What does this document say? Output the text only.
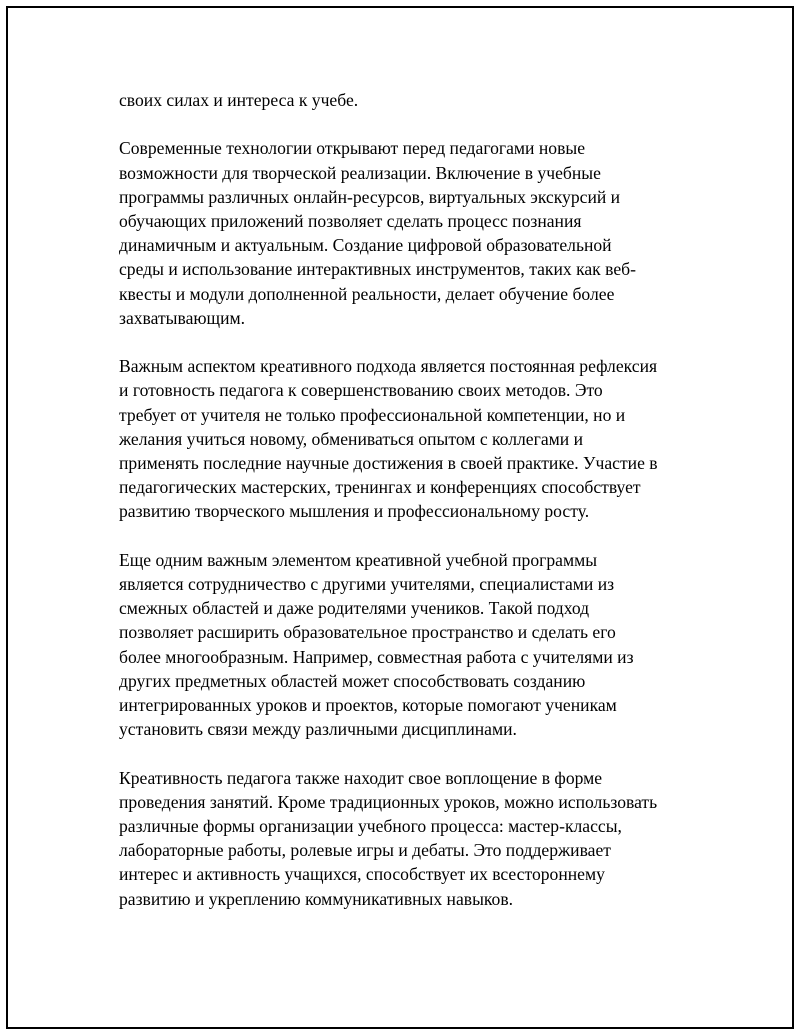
своих силах и интереса к учебе.

Современные технологии открывают перед педагогами новые
возможности для творческой реализации. Включение в учебные
программы различных онлайн-ресурсов, виртуальных экскурсий и
обучающих приложений позволяет сделать процесс познания
динамичным и актуальным. Создание цифровой образовательной
среды и использование интерактивных инструментов, таких как веб-
квесты и модули дополненной реальности, делает обучение более
захватывающим.

Важным аспектом креативного подхода является постоянная рефлексия
и готовность педагога к совершенствованию своих методов. Это
требует от учителя не только профессиональной компетенции, но и
желания учиться новому, обмениваться опытом с коллегами и
применять последние научные достижения в своей практике. Участие в
педагогических мастерских, тренингах и конференциях способствует
развитию творческого мышления и профессиональному росту.

Еще одним важным элементом креативной учебной программы
является сотрудничество с другими учителями, специалистами из
смежных областей и даже родителями учеников. Такой подход
позволяет расширить образовательное пространство и сделать его
более многообразным. Например, совместная работа с учителями из
других предметных областей может способствовать созданию
интегрированных уроков и проектов, которые помогают ученикам
установить связи между различными дисциплинами.

Креативность педагога также находит свое воплощение в форме
проведения занятий. Кроме традиционных уроков, можно использовать
различные формы организации учебного процесса: мастер-классы,
лабораторные работы, ролевые игры и дебаты. Это поддерживает
интерес и активность учащихся, способствует их всестороннему
развитию и укреплению коммуникативных навыков.
